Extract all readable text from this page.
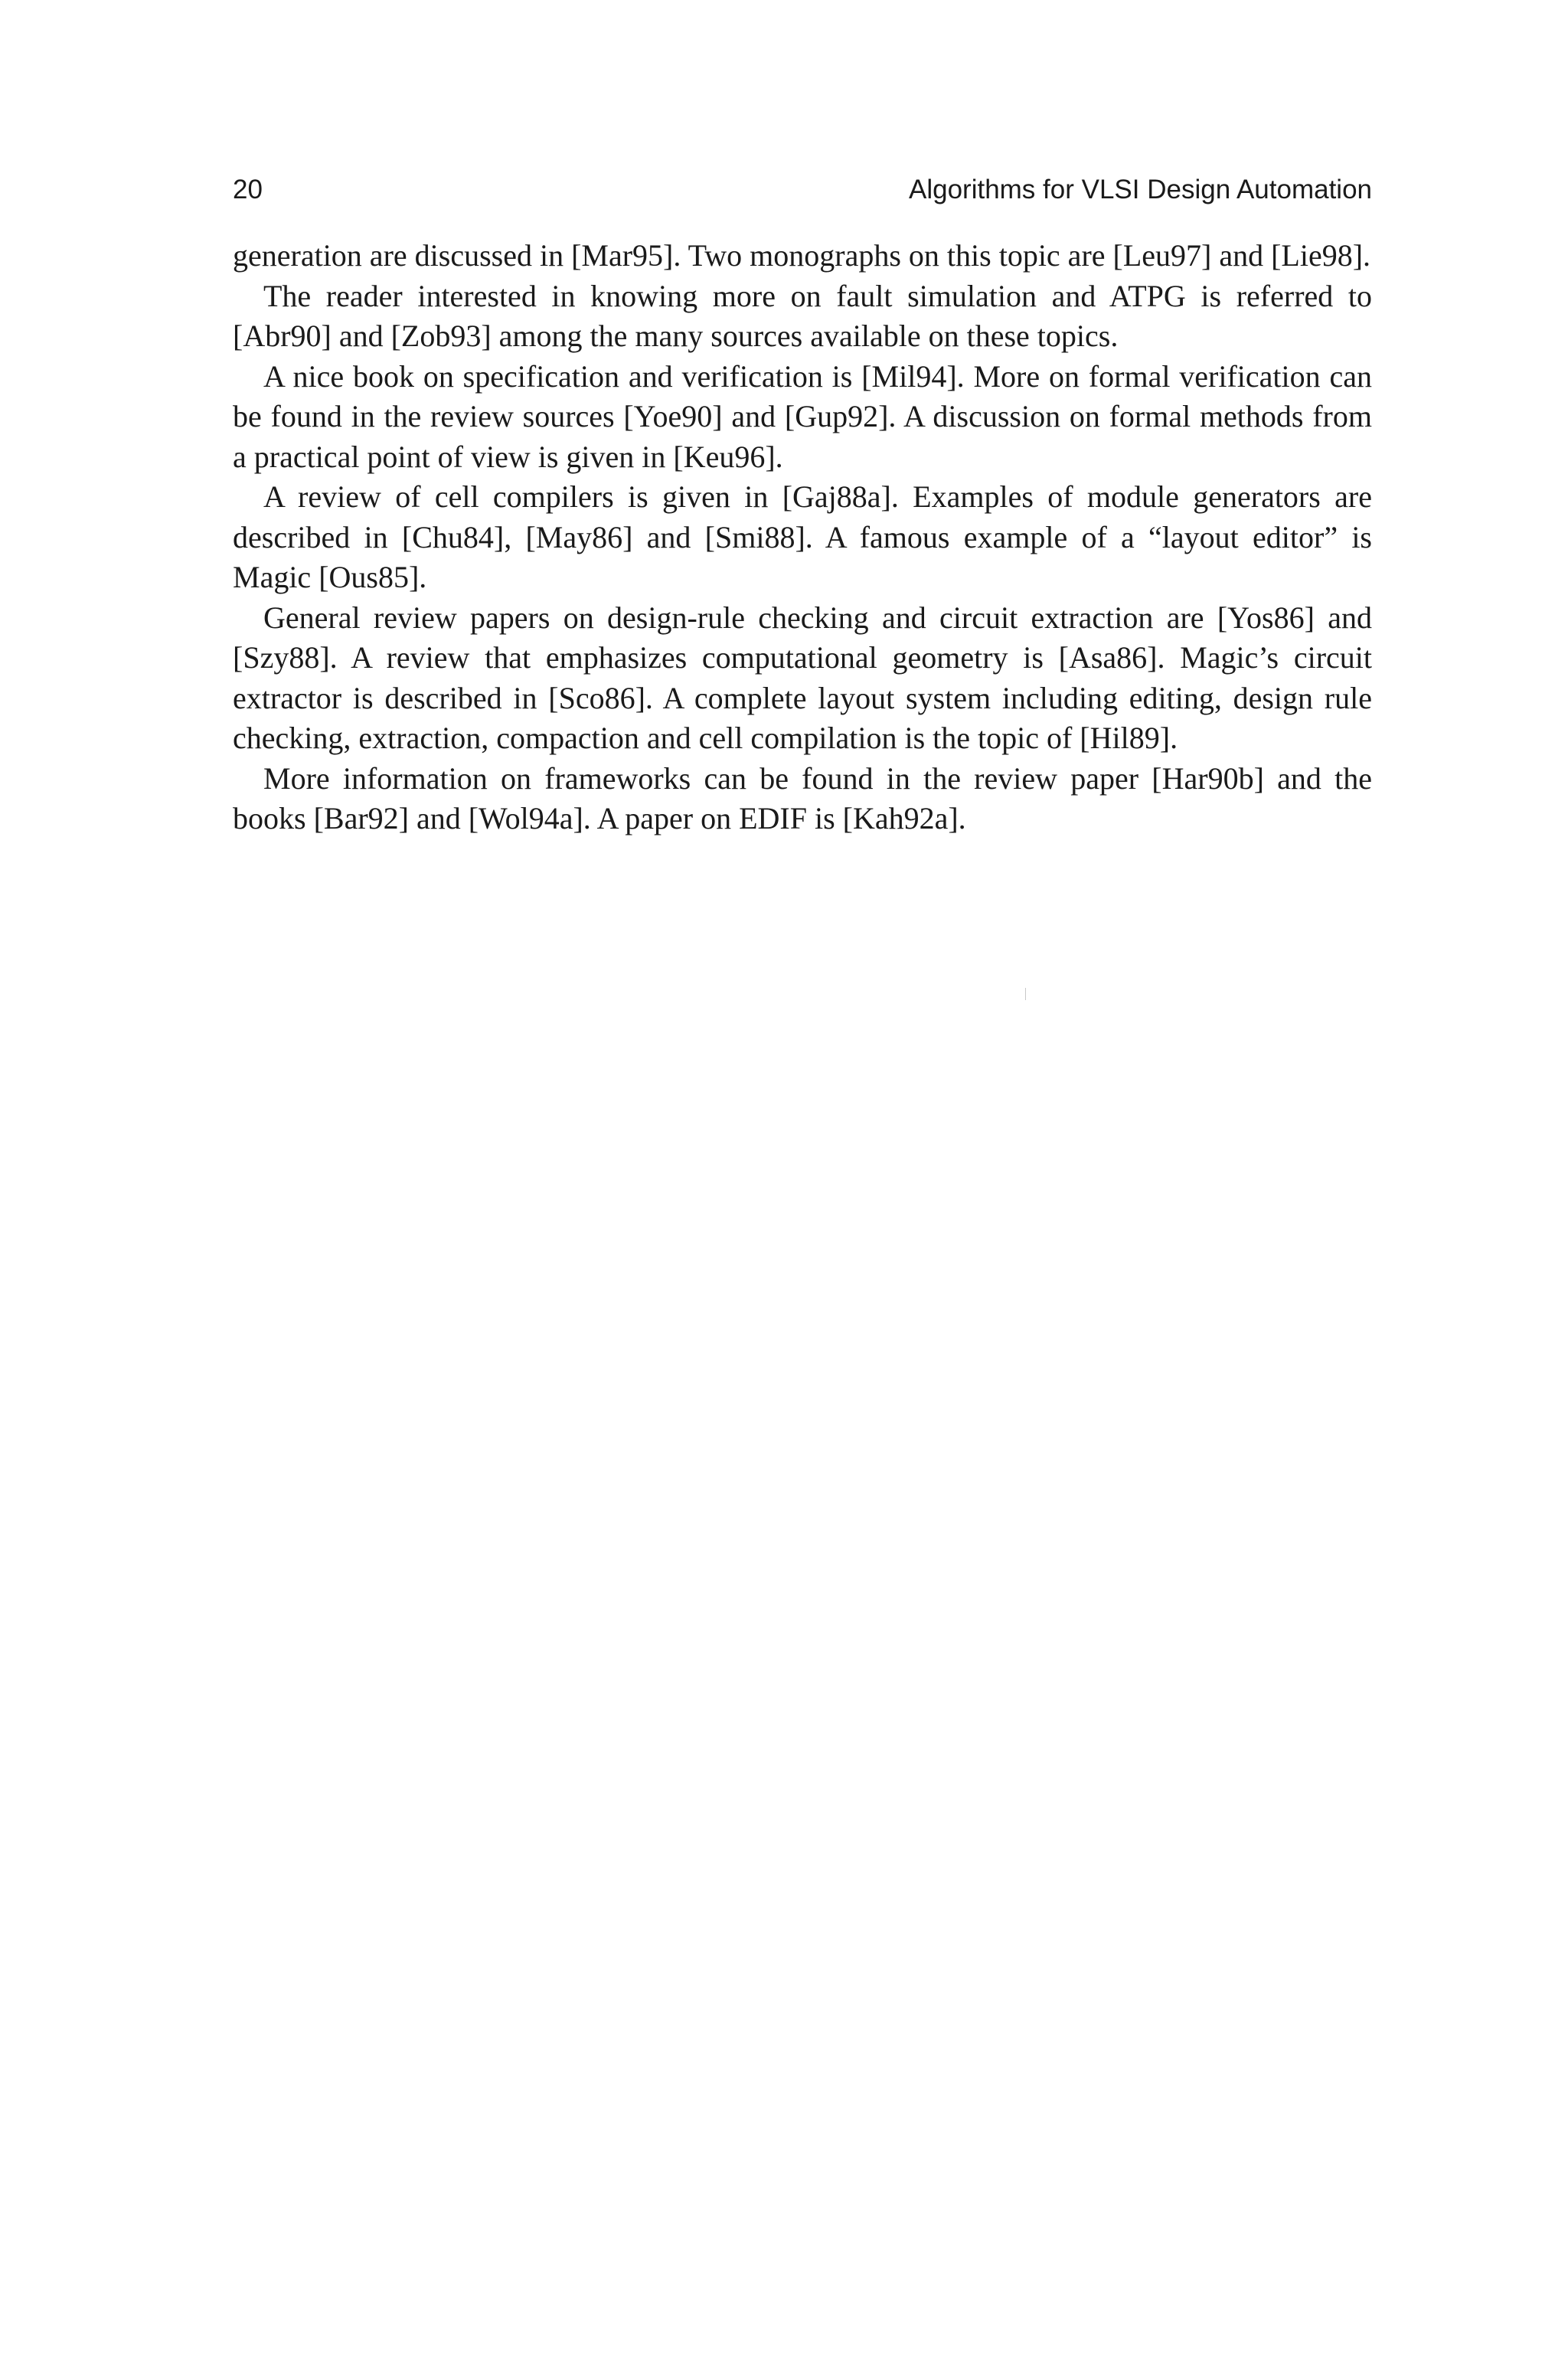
20	Algorithms for VLSI Design Automation

generation are discussed in [Mar95]. Two monographs on this topic are [Leu97] and [Lie98].

The reader interested in knowing more on fault simulation and ATPG is referred to [Abr90] and [Zob93] among the many sources available on these topics.

A nice book on specification and verification is [Mil94]. More on formal verification can be found in the review sources [Yoe90] and [Gup92]. A discussion on formal methods from a practical point of view is given in [Keu96].

A review of cell compilers is given in [Gaj88a]. Examples of module generators are described in [Chu84], [May86] and [Smi88]. A famous example of a “layout editor” is Magic [Ous85].

General review papers on design-rule checking and circuit extraction are [Yos86] and [Szy88]. A review that emphasizes computational geometry is [Asa86]. Magic’s circuit extractor is described in [Sco86]. A complete layout system including editing, design rule checking, extraction, compaction and cell compilation is the topic of [Hil89].

More information on frameworks can be found in the review paper [Har90b] and the books [Bar92] and [Wol94a]. A paper on EDIF is [Kah92a].
